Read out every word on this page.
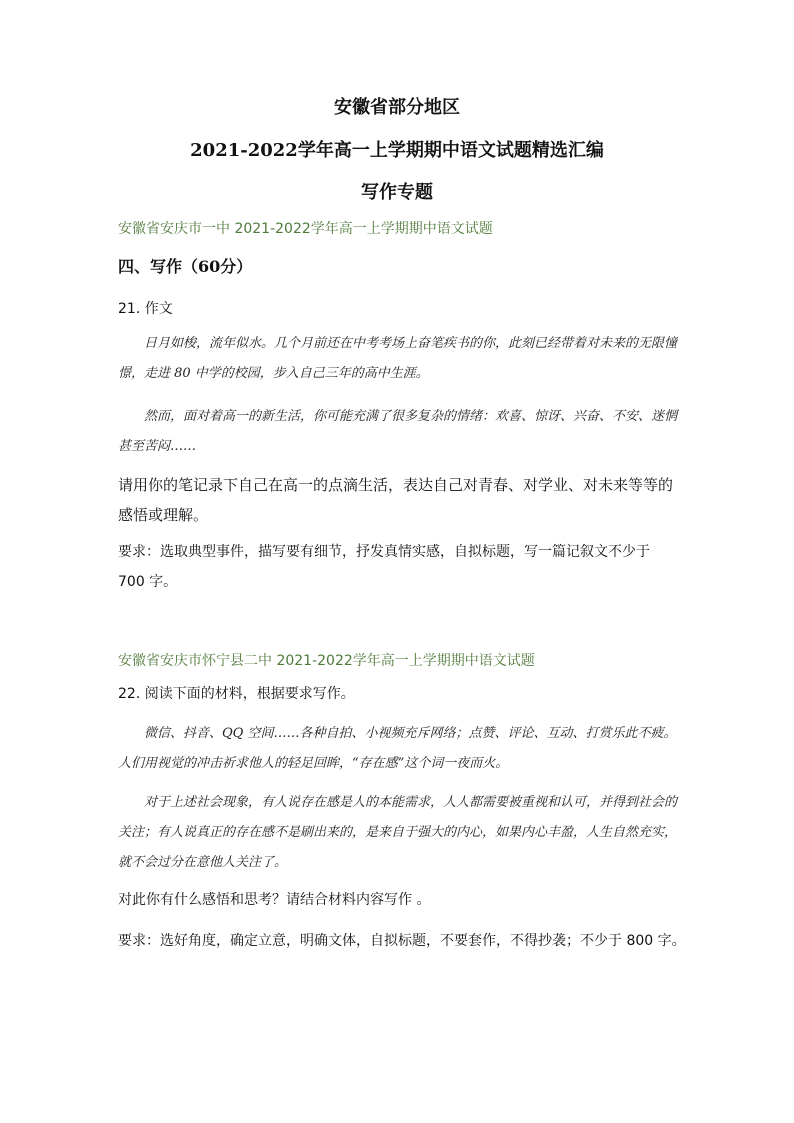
安徽省部分地区
2021-2022学年高一上学期期中语文试题精选汇编
写作专题
安徽省安庆市一中 2021-2022学年高一上学期期中语文试题
四、写作（60分）
21. 作文
日月如梭，流年似水。几个月前还在中考考场上奋笔疾书的你，此刻已经带着对未来的无限憧憬，走进 80 中学的校园，步入自己三年的高中生涯。
然而，面对着高一的新生活，你可能充满了很多复杂的情绪：欢喜、惊讶、兴奋、不安、迷惘甚至苦闷……
请用你的笔记录下自己在高一的点滴生活，表达自己对青春、对学业、对未来等等的感悟或理解。
要求：选取典型事件，描写要有细节，抒发真情实感，自拟标题，写一篇记叙文不少于 700 字。
安徽省安庆市怀宁县二中 2021-2022学年高一上学期期中语文试题
22. 阅读下面的材料，根据要求写作。
微信、抖音、QQ 空间……各种自拍、小视频充斥网络；点赞、评论、互动、打赏乐此不疲。人们用视觉的冲击祈求他人的轻足回眸，“存在感”这个词一夜而火。
对于上述社会现象，有人说存在感是人的本能需求，人人都需要被重视和认可，并得到社会的关注；有人说真正的存在感不是刷出来的，是来自于强大的内心，如果内心丰盈，人生自然充实，就不会过分在意他人关注了。
对此你有什么感悟和思考？请结合材料内容写作 。
要求：选好角度，确定立意，明确文体，自拟标题，不要套作，不得抄袭；不少于 800 字。
